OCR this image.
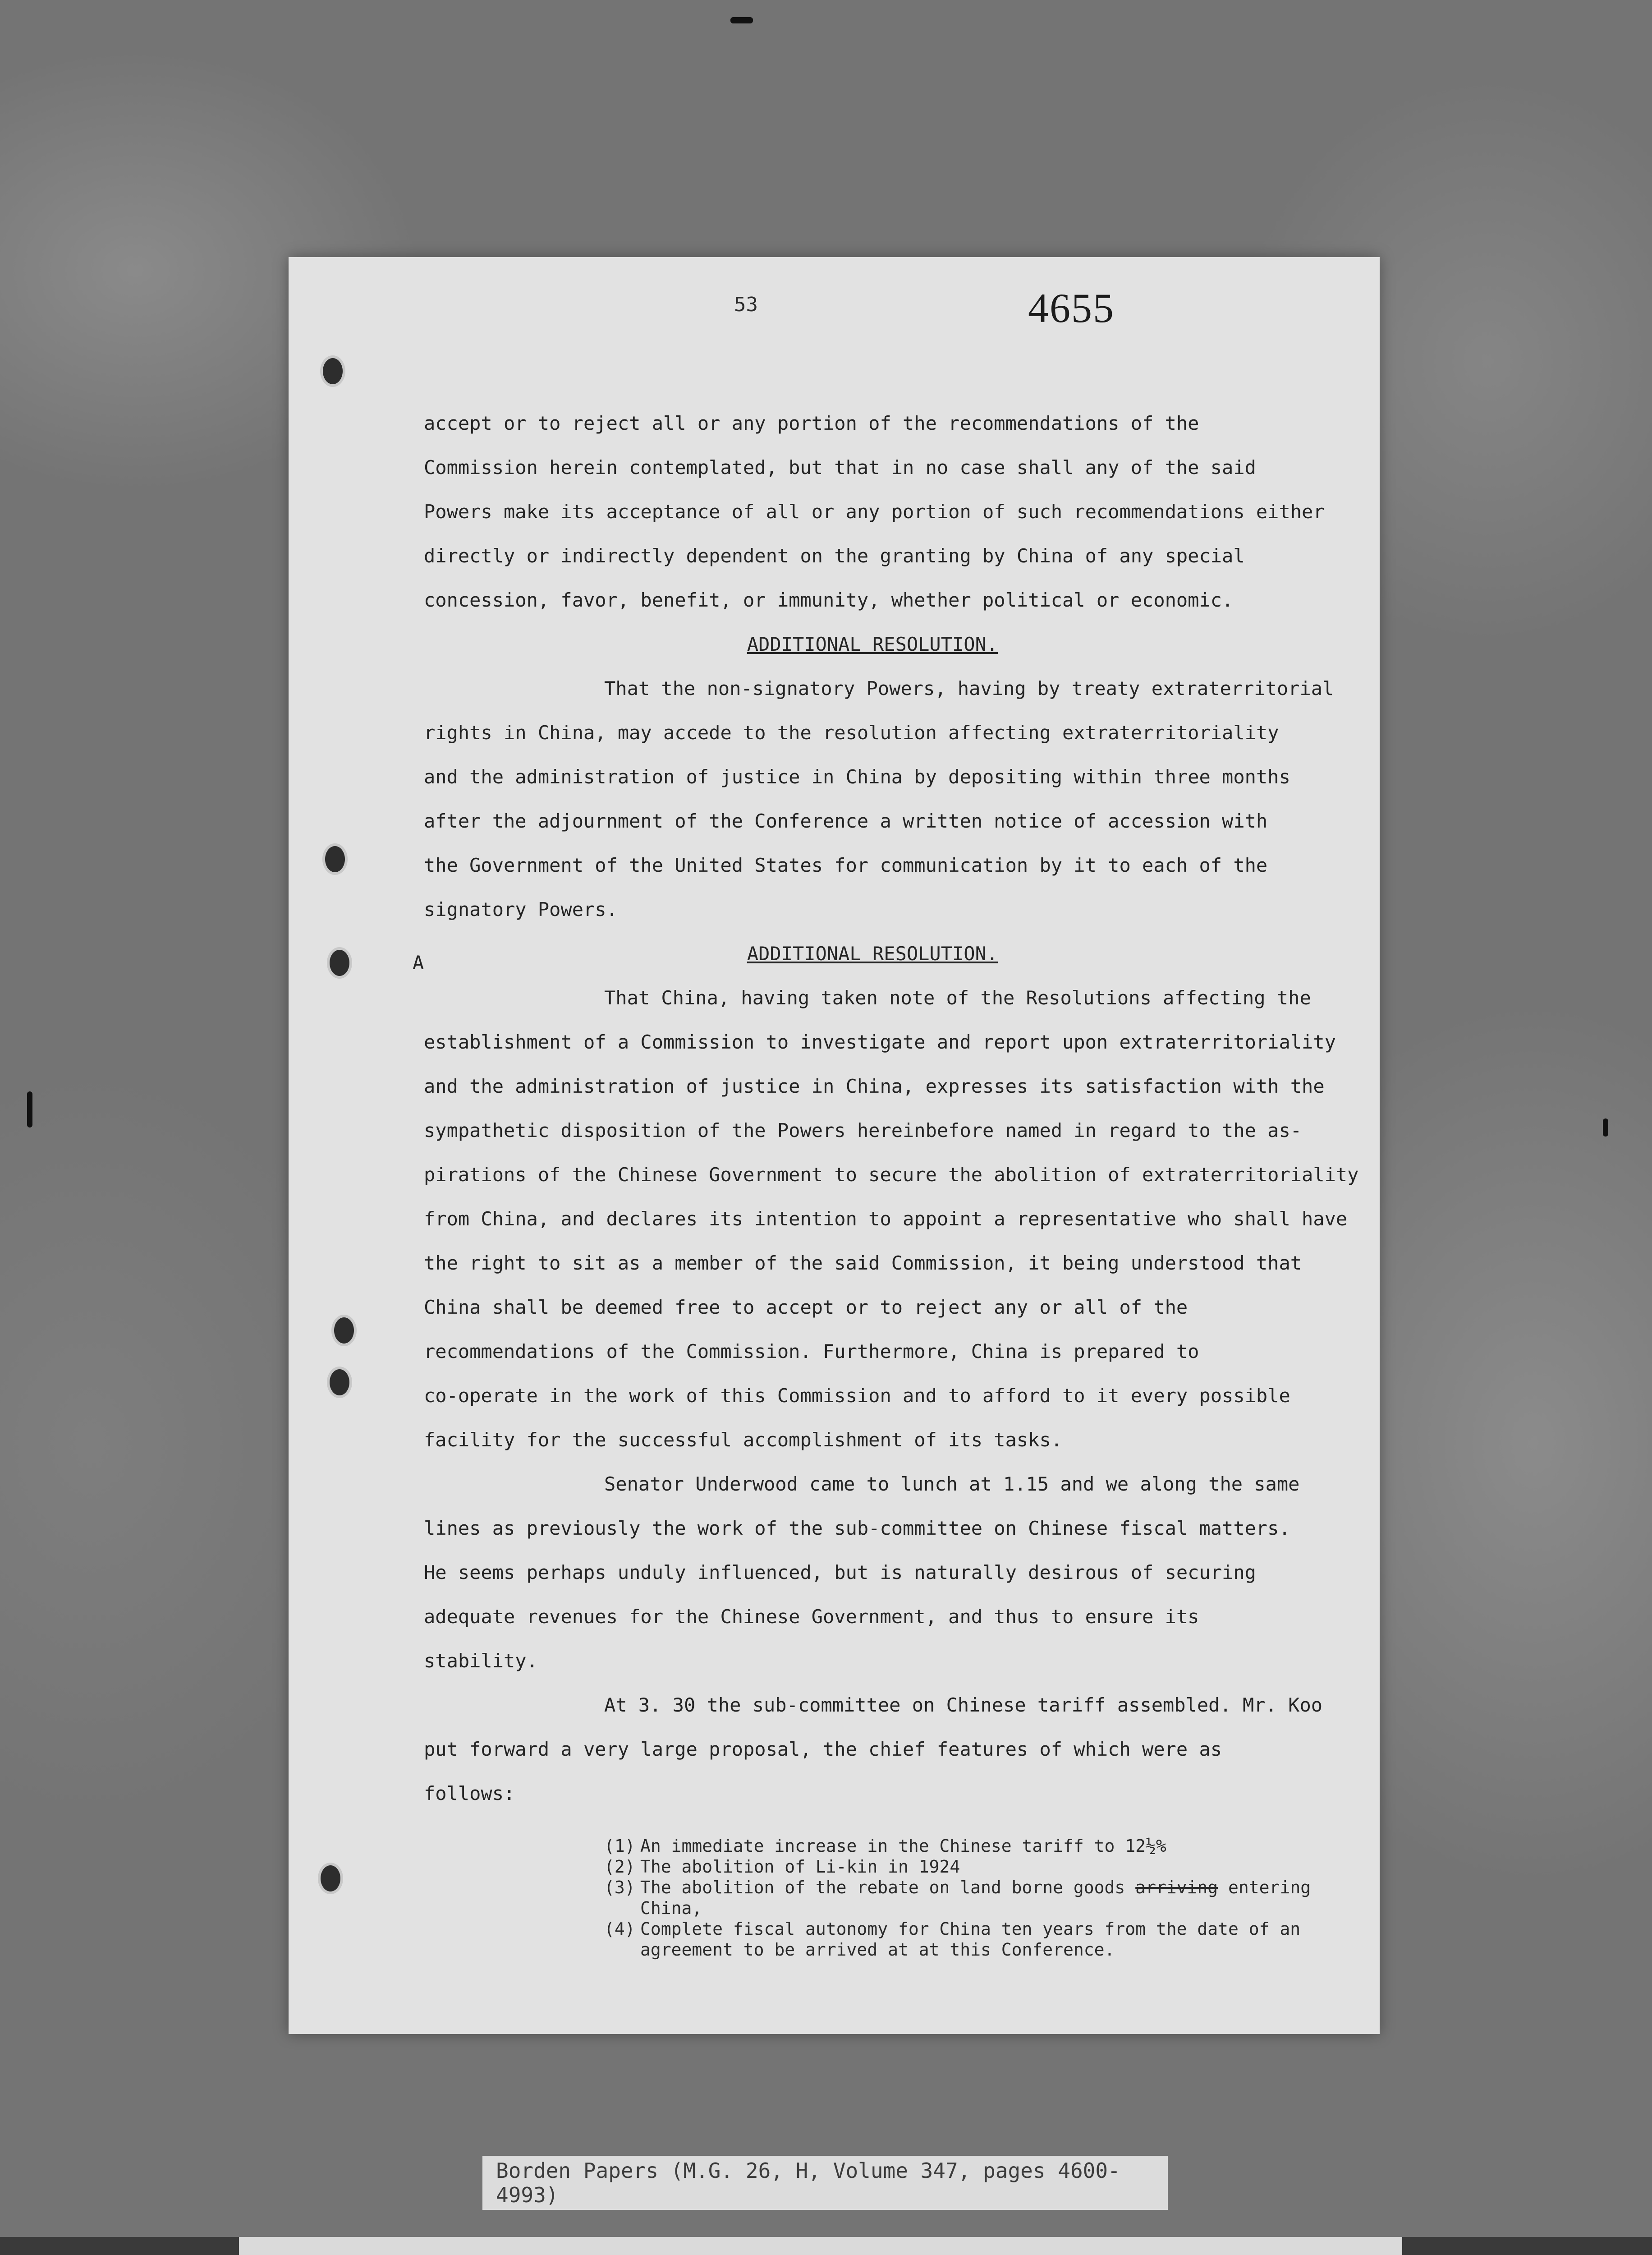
53	4655
A
accept or to reject all or any portion of the recommendations of the
Commission herein contemplated, but that in no case shall any of the said
Powers make its acceptance of all or any portion of such recommendations either
directly or indirectly dependent on the granting by China of any special
concession, favor, benefit, or immunity, whether political or economic.
ADDITIONAL RESOLUTION.
That the non-signatory Powers, having by treaty extraterritorial
rights in China, may accede to the resolution affecting extraterritoriality
and the administration of justice in China by depositing within three months
after the adjournment of the Conference a written notice of accession with
the Government of the United States for communication by it to each of the
signatory Powers.
ADDITIONAL RESOLUTION.
That China, having taken note of the Resolutions affecting the
establishment of a Commission to investigate and report upon extraterritoriality
and the administration of justice in China, expresses its satisfaction with the
sympathetic disposition of the Powers hereinbefore named in regard to the as-
pirations of the Chinese Government to secure the abolition of extraterritoriality
from China, and declares its intention to appoint a representative who shall have
the right to sit as a member of the said Commission, it being understood that
China shall be deemed free to accept or to reject any or all of the
recommendations of the Commission. Furthermore, China is prepared to
co-operate in the work of this Commission and to afford to it every possible
facility for the successful accomplishment of its tasks.
Senator Underwood came to lunch at 1.15 and we along the same
lines as previously the work of the sub-committee on Chinese fiscal matters.
He seems perhaps unduly influenced, but is naturally desirous of securing
adequate revenues for the Chinese Government, and thus to ensure its
stability.
At 3. 30 the sub-committee on Chinese tariff assembled. Mr. Koo
put forward a very large proposal, the chief features of which were as
follows:
(1) An immediate increase in the Chinese tariff to 12½%
(2) The abolition of Li-kin in 1924
(3) The abolition of the rebate on land borne goods arriving entering China,
(4) Complete fiscal autonomy for China ten years from the date of an agreement to be arrived at at this Conference.
Borden Papers (M.G. 26, H, Volume 347, pages 4600-4993)
